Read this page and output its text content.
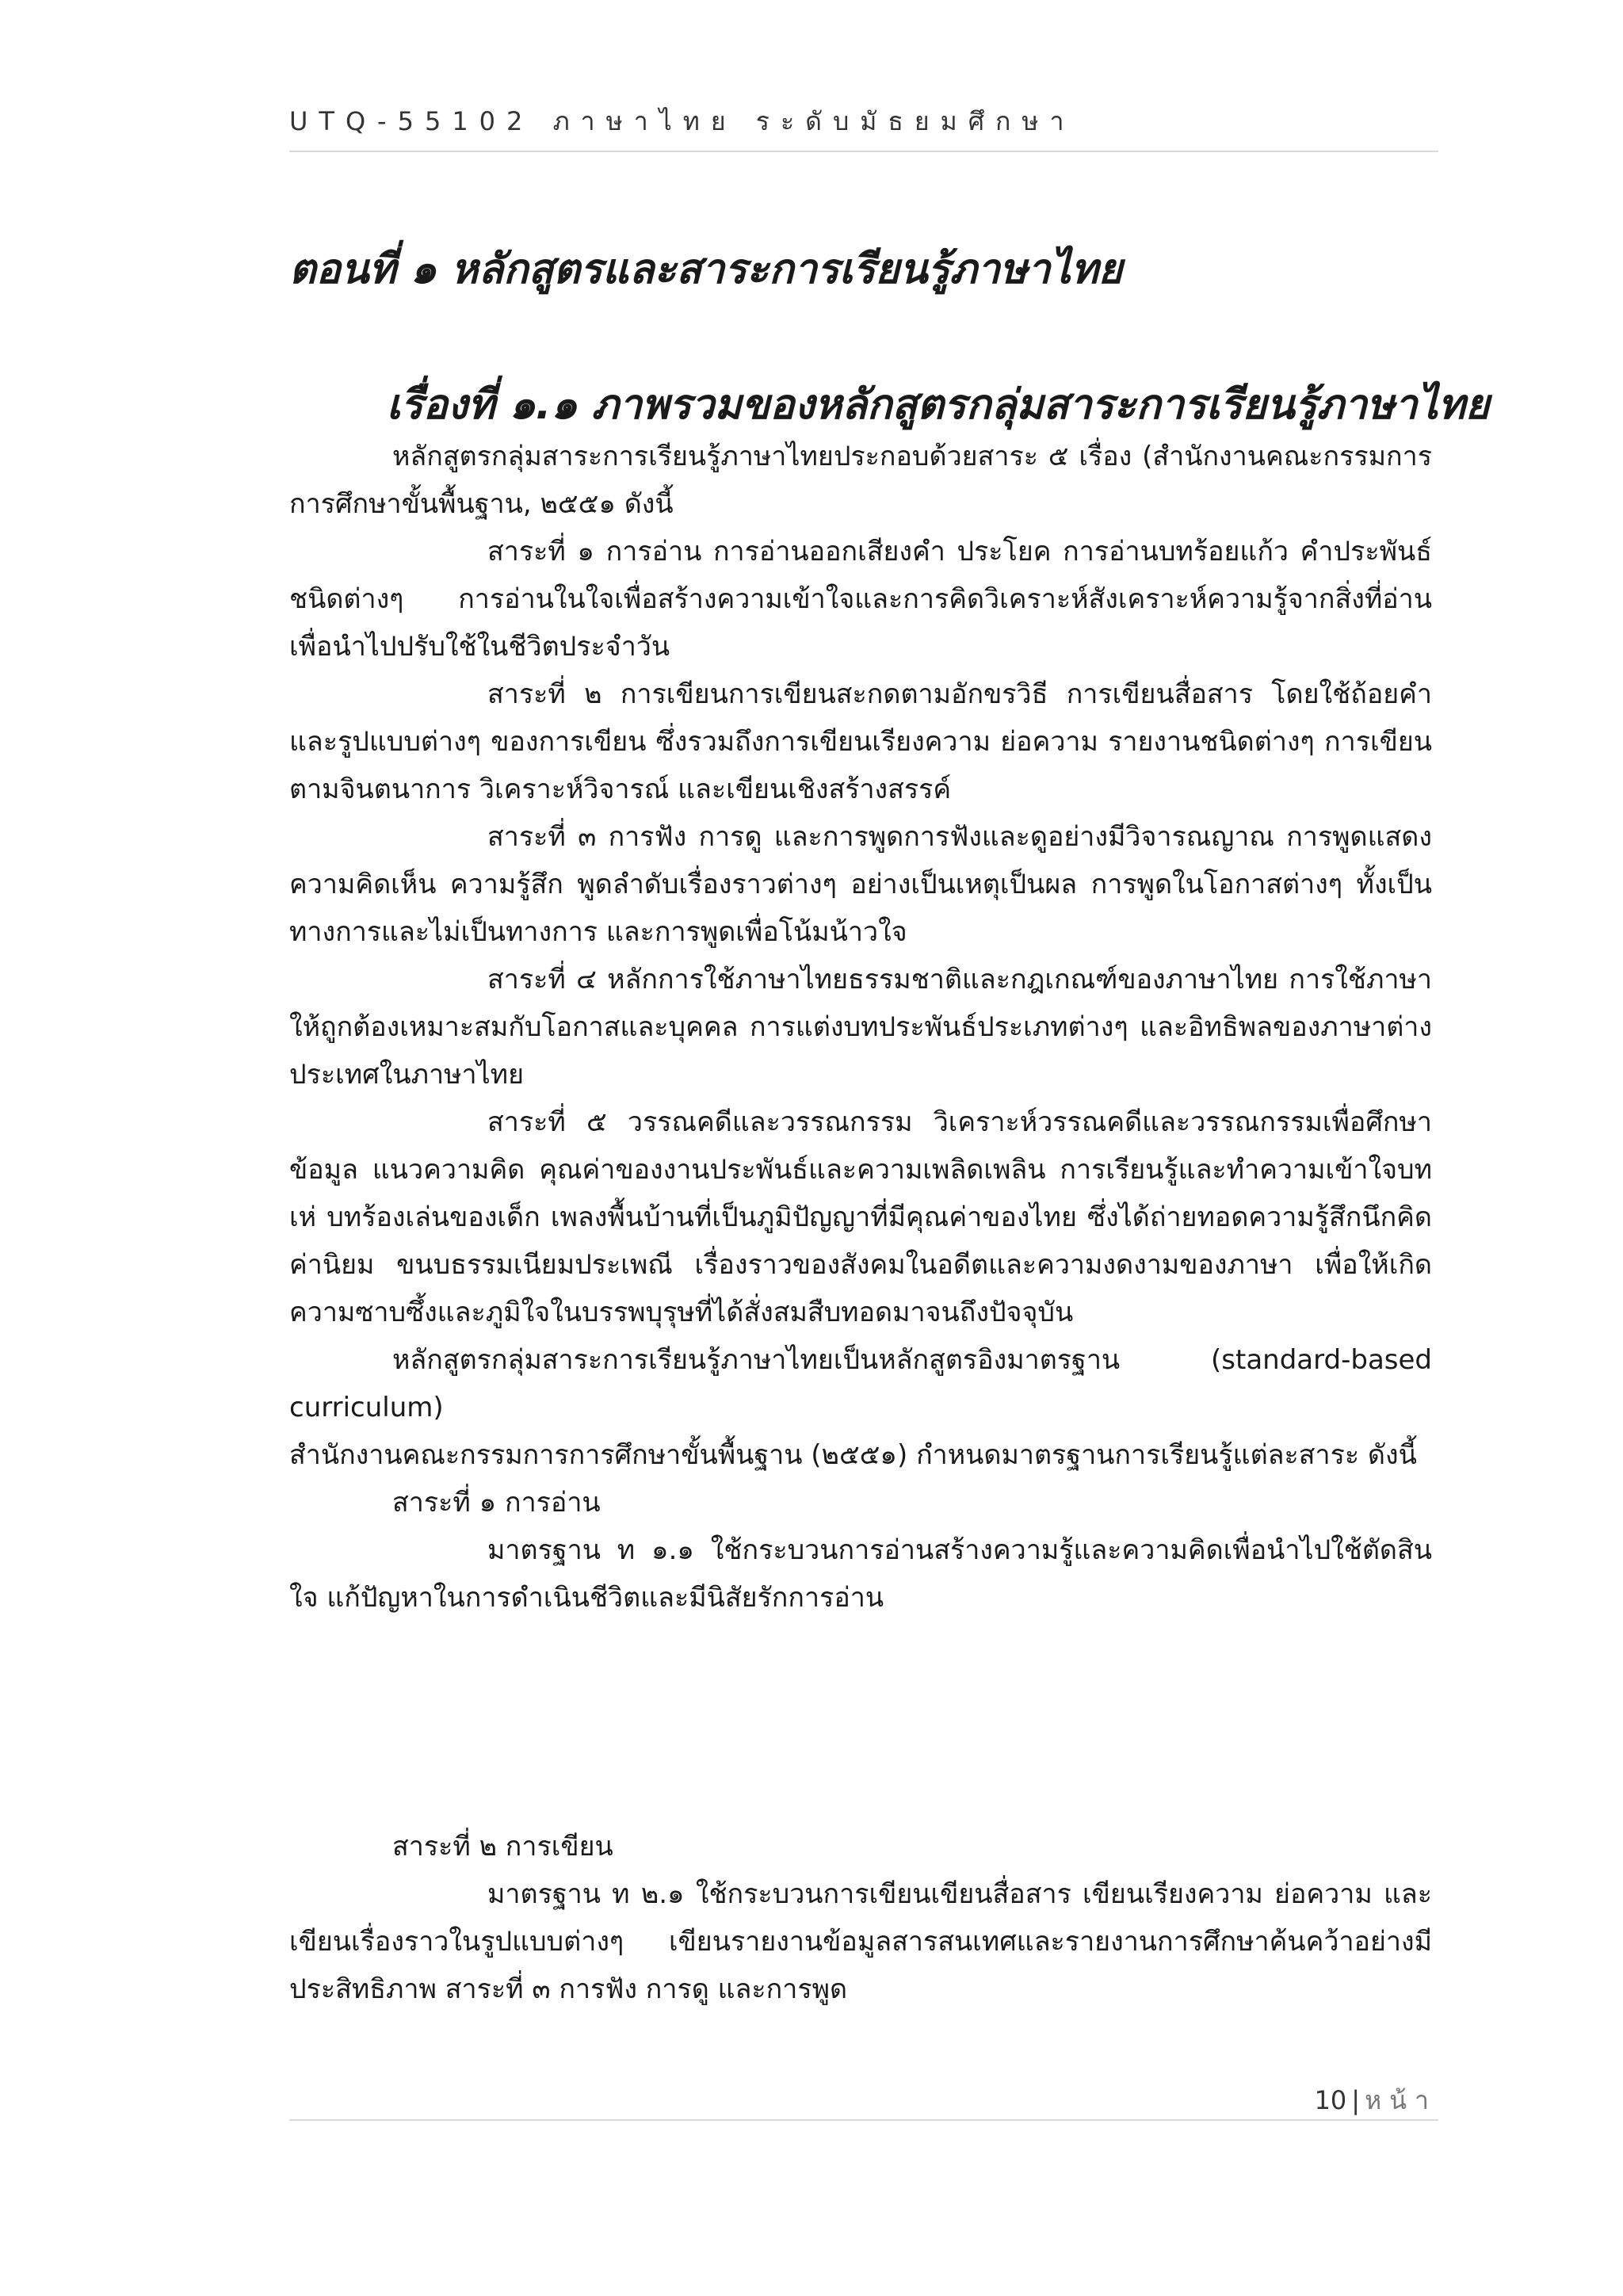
UTQ-55102 ภาษาไทย ระดับมัธยมศึกษา
ตอนที่ ๑ หลักสูตรและสาระการเรียนรู้ภาษาไทย
เรื่องที่ ๑.๑ ภาพรวมของหลักสูตรกลุ่มสาระการเรียนรู้ภาษาไทย

หลักสูตรกลุ่มสาระการเรียนรู้ภาษาไทยประกอบด้วยสาระ ๕ เรื่อง (สำนักงานคณะกรรมการการศึกษาขั้นพื้นฐาน, ๒๕๕๑ ดังนี้

สาระที่ ๑ การอ่าน การอ่านออกเสียงคำ ประโยค การอ่านบทร้อยแก้ว คำประพันธ์ชนิดต่างๆ การอ่านในใจเพื่อสร้างความเข้าใจและการคิดวิเคราะห์สังเคราะห์ความรู้จากสิ่งที่อ่าน เพื่อนำไปปรับใช้ในชีวิตประจำวัน

สาระที่ ๒ การเขียนการเขียนสะกดตามอักขรวิธี การเขียนสื่อสาร โดยใช้ถ้อยคำและรูปแบบต่างๆ ของการเขียน ซึ่งรวมถึงการเขียนเรียงความ ย่อความ รายงานชนิดต่างๆ การเขียนตามจินตนาการ วิเคราะห์วิจารณ์ และเขียนเชิงสร้างสรรค์

สาระที่ ๓ การฟัง การดู และการพูดการฟังและดูอย่างมีวิจารณญาณ การพูดแสดงความคิดเห็น ความรู้สึก พูดลำดับเรื่องราวต่างๆ อย่างเป็นเหตุเป็นผล การพูดในโอกาสต่างๆ ทั้งเป็นทางการและไม่เป็นทางการ และการพูดเพื่อโน้มน้าวใจ

สาระที่ ๔ หลักการใช้ภาษาไทยธรรมชาติและกฎเกณฑ์ของภาษาไทย การใช้ภาษาให้ถูกต้องเหมาะสมกับโอกาสและบุคคล การแต่งบทประพันธ์ประเภทต่างๆ และอิทธิพลของภาษาต่างประเทศในภาษาไทย

สาระที่ ๕ วรรณคดีและวรรณกรรม วิเคราะห์วรรณคดีและวรรณกรรมเพื่อศึกษาข้อมูล แนวความคิด คุณค่าของงานประพันธ์และความเพลิดเพลิน การเรียนรู้และทำความเข้าใจบทเห่ บทร้องเล่นของเด็ก เพลงพื้นบ้านที่เป็นภูมิปัญญาที่มีคุณค่าของไทย ซึ่งได้ถ่ายทอดความรู้สึกนึกคิด ค่านิยม ขนบธรรมเนียมประเพณี เรื่องราวของสังคมในอดีตและความงดงามของภาษา เพื่อให้เกิดความซาบซึ้งและภูมิใจในบรรพบุรุษที่ได้สั่งสมสืบทอดมาจนถึงปัจจุบัน

หลักสูตรกลุ่มสาระการเรียนรู้ภาษาไทยเป็นหลักสูตรอิงมาตรฐาน (standard-based curriculum)

สำนักงานคณะกรรมการการศึกษาขั้นพื้นฐาน (๒๕๕๑) กำหนดมาตรฐานการเรียนรู้แต่ละสาระ ดังนี้

สาระที่ ๑ การอ่าน

มาตรฐาน ท ๑.๑ ใช้กระบวนการอ่านสร้างความรู้และความคิดเพื่อนำไปใช้ตัดสินใจ แก้ปัญหาในการดำเนินชีวิตและมีนิสัยรักการอ่าน

สาระที่ ๒ การเขียน

มาตรฐาน ท ๒.๑ ใช้กระบวนการเขียนเขียนสื่อสาร เขียนเรียงความ ย่อความ และเขียนเรื่องราวในรูปแบบต่างๆ เขียนรายงานข้อมูลสารสนเทศและรายงานการศึกษาค้นคว้าอย่างมีประสิทธิภาพ สาระที่ ๓ การฟัง การดู และการพูด

10 | หน้า
